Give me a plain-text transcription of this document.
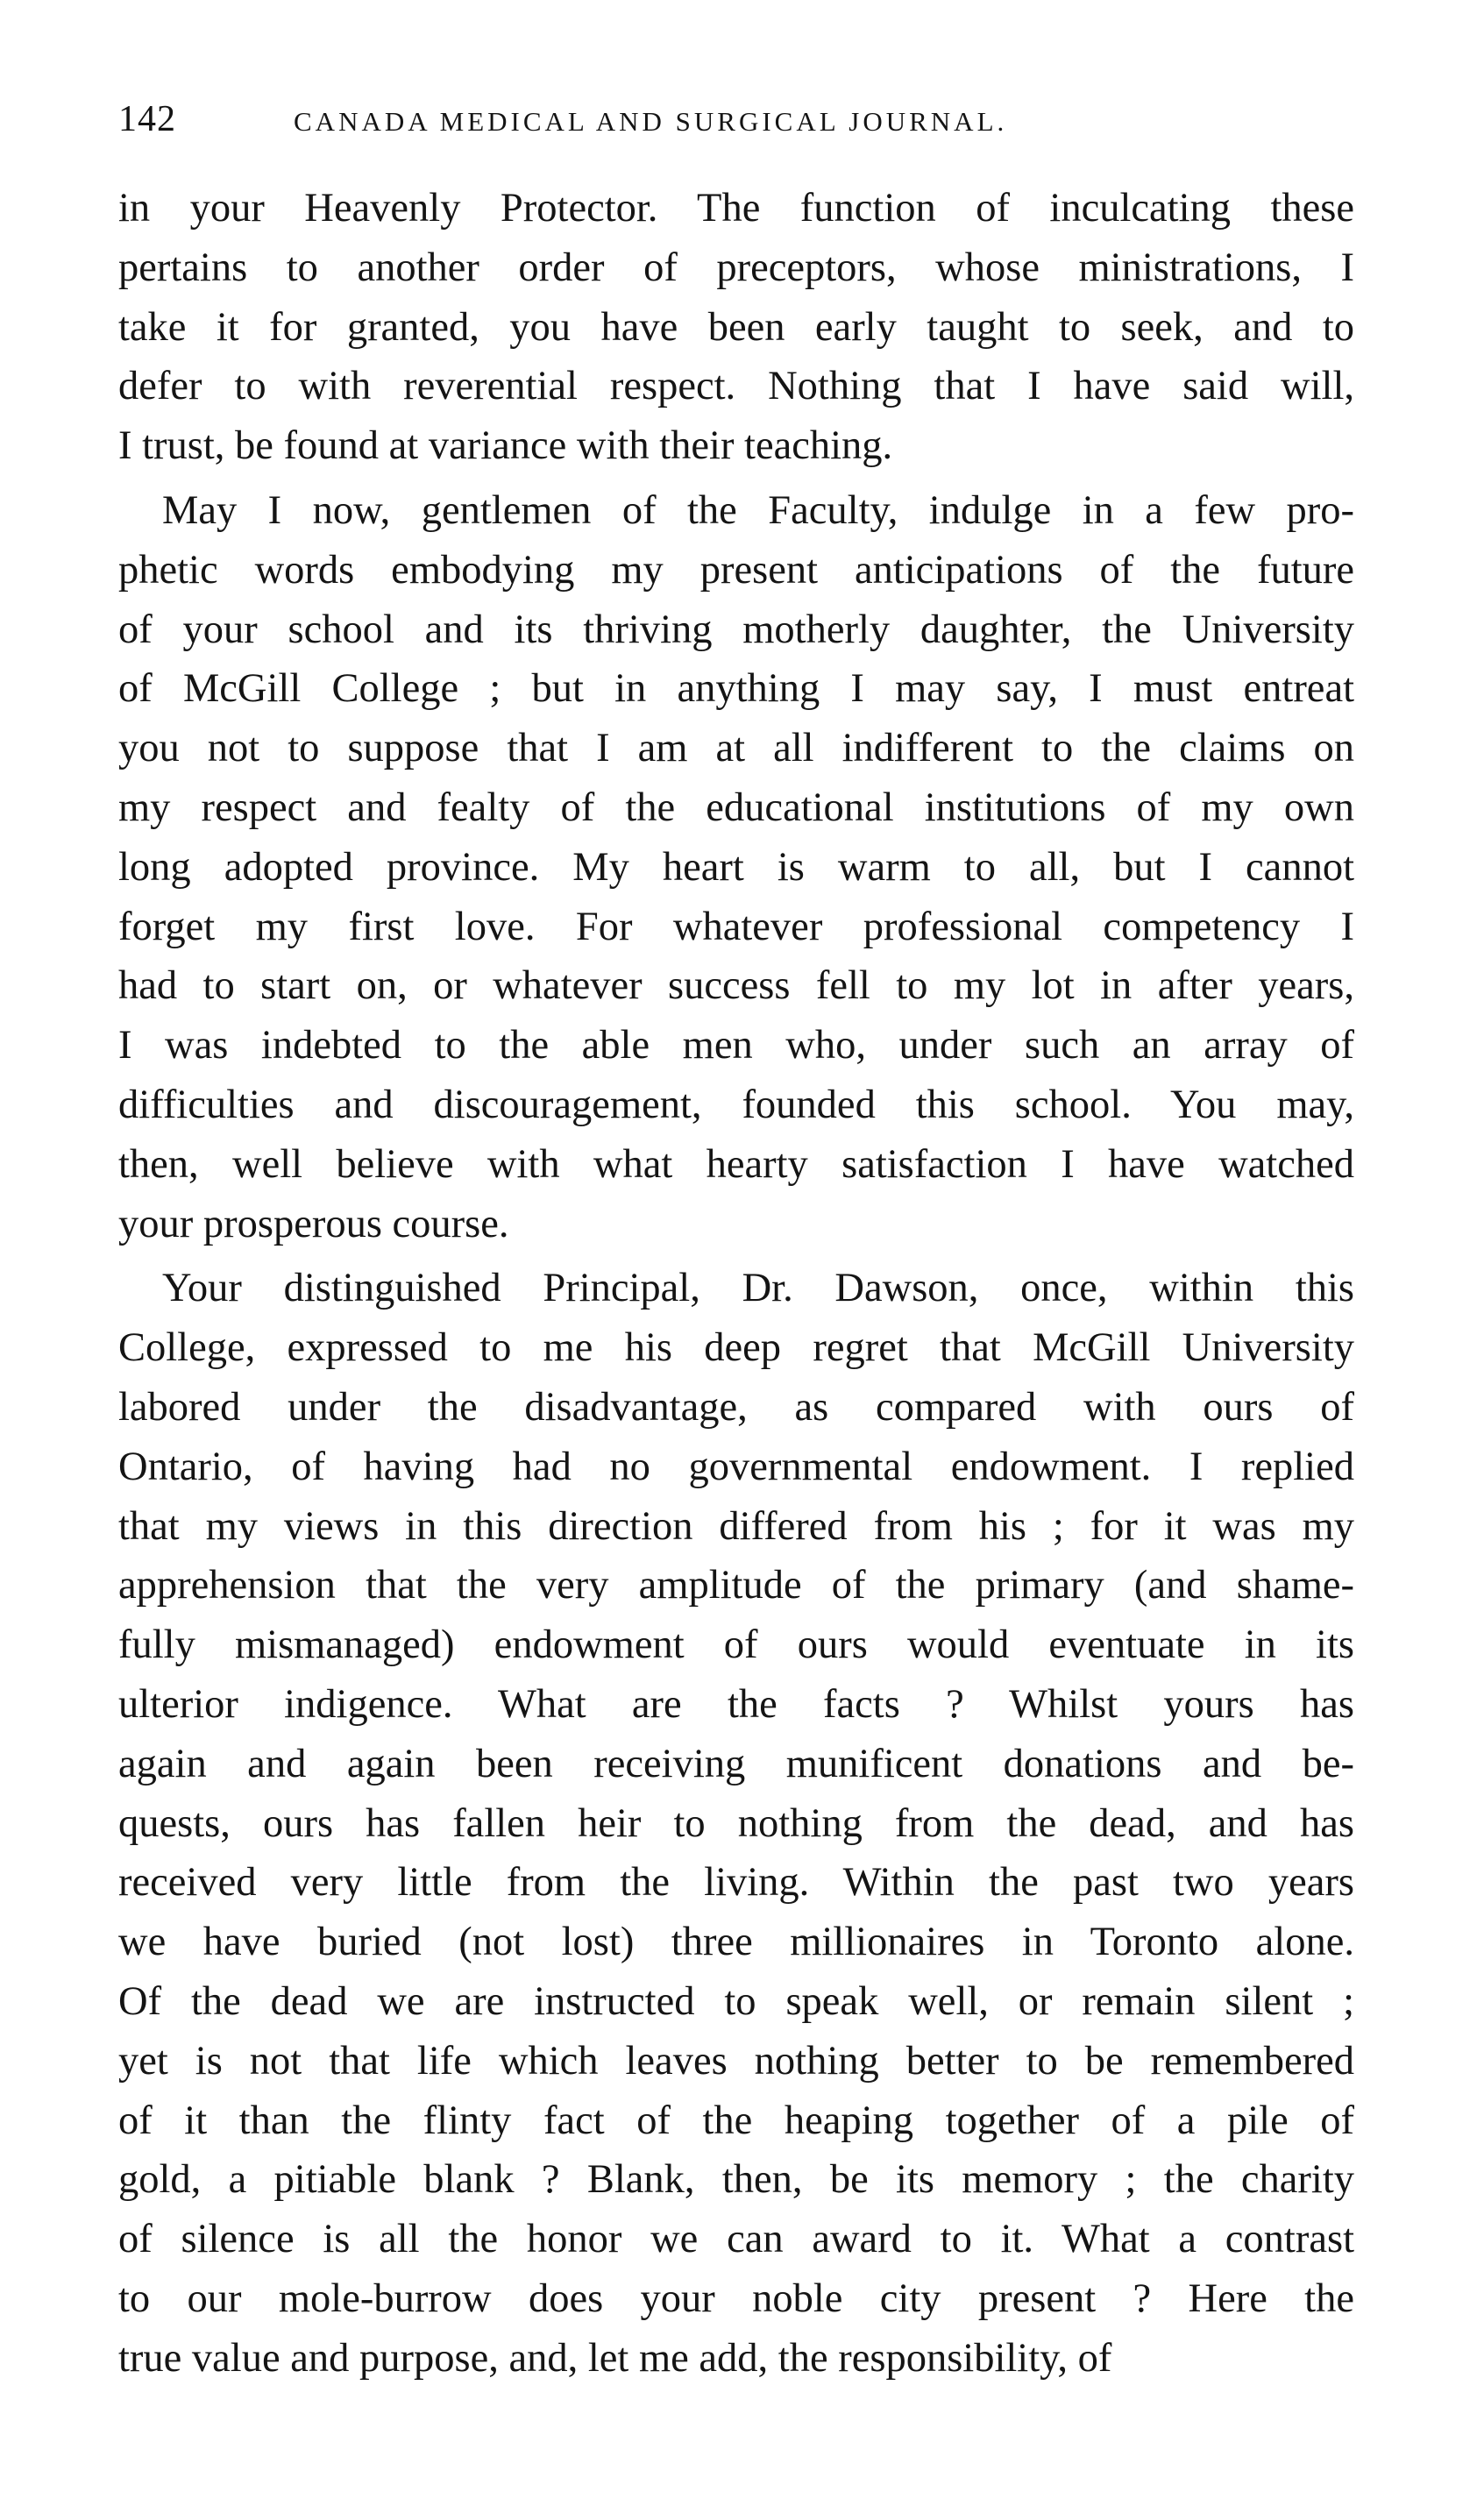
142	CANADA MEDICAL AND SURGICAL JOURNAL.
in your Heavenly Protector. The function of inculcating these
pertains to another order of preceptors, whose ministrations, I
take it for granted, you have been early taught to seek, and to
defer to with reverential respect. Nothing that I have said will,
I trust, be found at variance with their teaching.
May I now, gentlemen of the Faculty, indulge in a few pro-
phetic words embodying my present anticipations of the future
of your school and its thriving motherly daughter, the University
of McGill College ; but in anything I may say, I must entreat
you not to suppose that I am at all indifferent to the claims on
my respect and fealty of the educational institutions of my own
long adopted province. My heart is warm to all, but I cannot
forget my first love. For whatever professional competency I
had to start on, or whatever success fell to my lot in after years,
I was indebted to the able men who, under such an array of
difficulties and discouragement, founded this school. You may,
then, well believe with what hearty satisfaction I have watched
your prosperous course.
Your distinguished Principal, Dr. Dawson, once, within this
College, expressed to me his deep regret that McGill University
labored under the disadvantage, as compared with ours of
Ontario, of having had no governmental endowment. I replied
that my views in this direction differed from his ; for it was my
apprehension that the very amplitude of the primary (and shame-
fully mismanaged) endowment of ours would eventuate in its
ulterior indigence. What are the facts ? Whilst yours has
again and again been receiving munificent donations and be-
quests, ours has fallen heir to nothing from the dead, and has
received very little from the living. Within the past two years
we have buried (not lost) three millionaires in Toronto alone.
Of the dead we are instructed to speak well, or remain silent ;
yet is not that life which leaves nothing better to be remembered
of it than the flinty fact of the heaping together of a pile of
gold, a pitiable blank ? Blank, then, be its memory ; the charity
of silence is all the honor we can award to it. What a contrast
to our mole-burrow does your noble city present ? Here the
true value and purpose, and, let me add, the responsibility, of
